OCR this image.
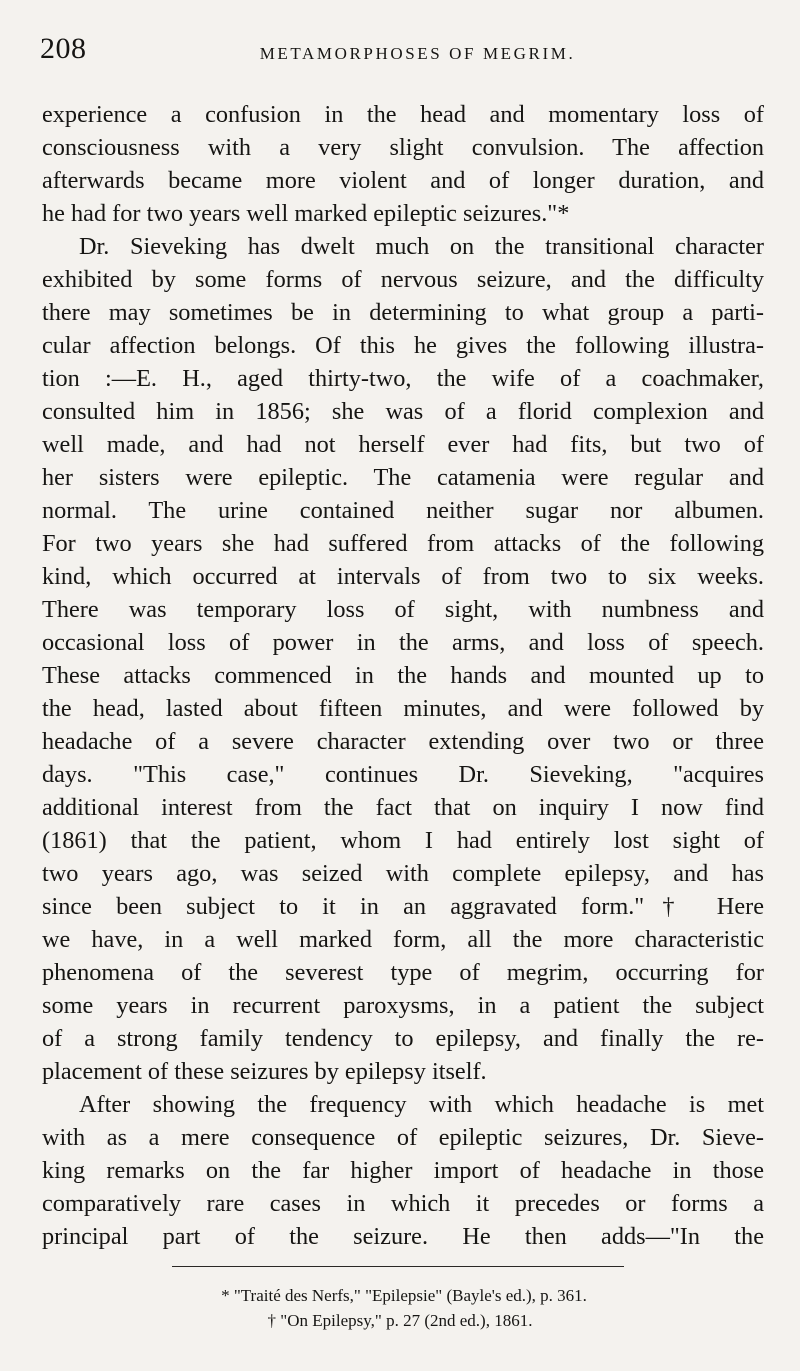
208	METAMORPHOSES OF MEGRIM.
experience a confusion in the head and momentary loss of
consciousness with a very slight convulsion. The affection
afterwards became more violent and of longer duration, and
he had for two years well marked epileptic seizures."*
Dr. Sieveking has dwelt much on the transitional character
exhibited by some forms of nervous seizure, and the difficulty
there may sometimes be in determining to what group a parti-
cular affection belongs. Of this he gives the following illustra-
tion :—E. H., aged thirty-two, the wife of a coachmaker,
consulted him in 1856; she was of a florid complexion and
well made, and had not herself ever had fits, but two of
her sisters were epileptic. The catamenia were regular and
normal. The urine contained neither sugar nor albumen.
For two years she had suffered from attacks of the following
kind, which occurred at intervals of from two to six weeks.
There was temporary loss of sight, with numbness and
occasional loss of power in the arms, and loss of speech.
These attacks commenced in the hands and mounted up to
the head, lasted about fifteen minutes, and were followed by
headache of a severe character extending over two or three
days. "This case," continues Dr. Sieveking, "acquires
additional interest from the fact that on inquiry I now find
(1861) that the patient, whom I had entirely lost sight of
two years ago, was seized with complete epilepsy, and has
since been subject to it in an aggravated form."† Here
we have, in a well marked form, all the more characteristic
phenomena of the severest type of megrim, occurring for
some years in recurrent paroxysms, in a patient the subject
of a strong family tendency to epilepsy, and finally the re-
placement of these seizures by epilepsy itself.
After showing the frequency with which headache is met
with as a mere consequence of epileptic seizures, Dr. Sieve-
king remarks on the far higher import of headache in those
comparatively rare cases in which it precedes or forms a
principal part of the seizure. He then adds—"In the
* "Traité des Nerfs," "Epilepsie" (Bayle's ed.), p. 361.
† "On Epilepsy," p. 27 (2nd ed.), 1861.
